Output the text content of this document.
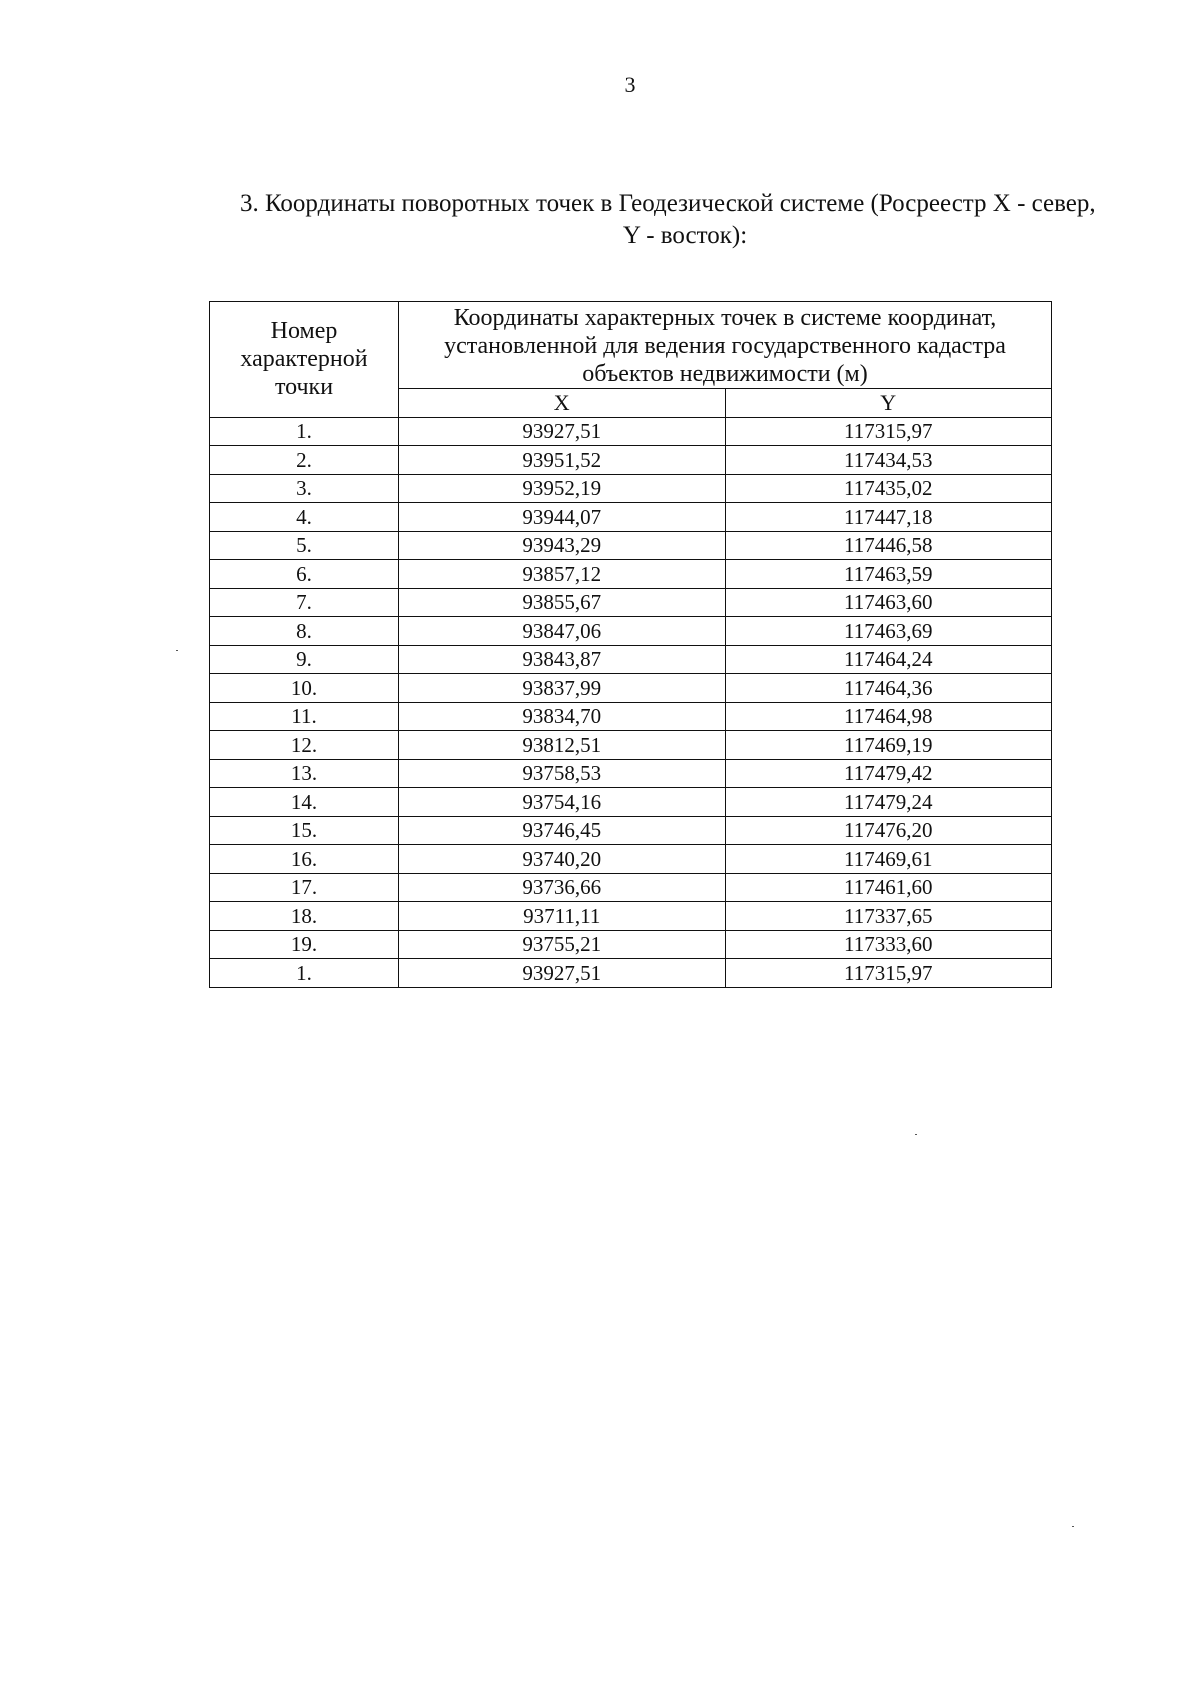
3
3. Координаты поворотных точек в Геодезической системе (Росреестр X - север,
Y - восток):
Номер характерной точки	Координаты характерных точек в системе координат, установленной для ведения государственного кадастра объектов недвижимости (м)	
	X	Y
1.	93927,51	117315,97
2.	93951,52	117434,53
3.	93952,19	117435,02
4.	93944,07	117447,18
5.	93943,29	117446,58
6.	93857,12	117463,59
7.	93855,67	117463,60
8.	93847,06	117463,69
9.	93843,87	117464,24
10.	93837,99	117464,36
11.	93834,70	117464,98
12.	93812,51	117469,19
13.	93758,53	117479,42
14.	93754,16	117479,24
15.	93746,45	117476,20
16.	93740,20	117469,61
17.	93736,66	117461,60
18.	93711,11	117337,65
19.	93755,21	117333,60
1.	93927,51	117315,97
